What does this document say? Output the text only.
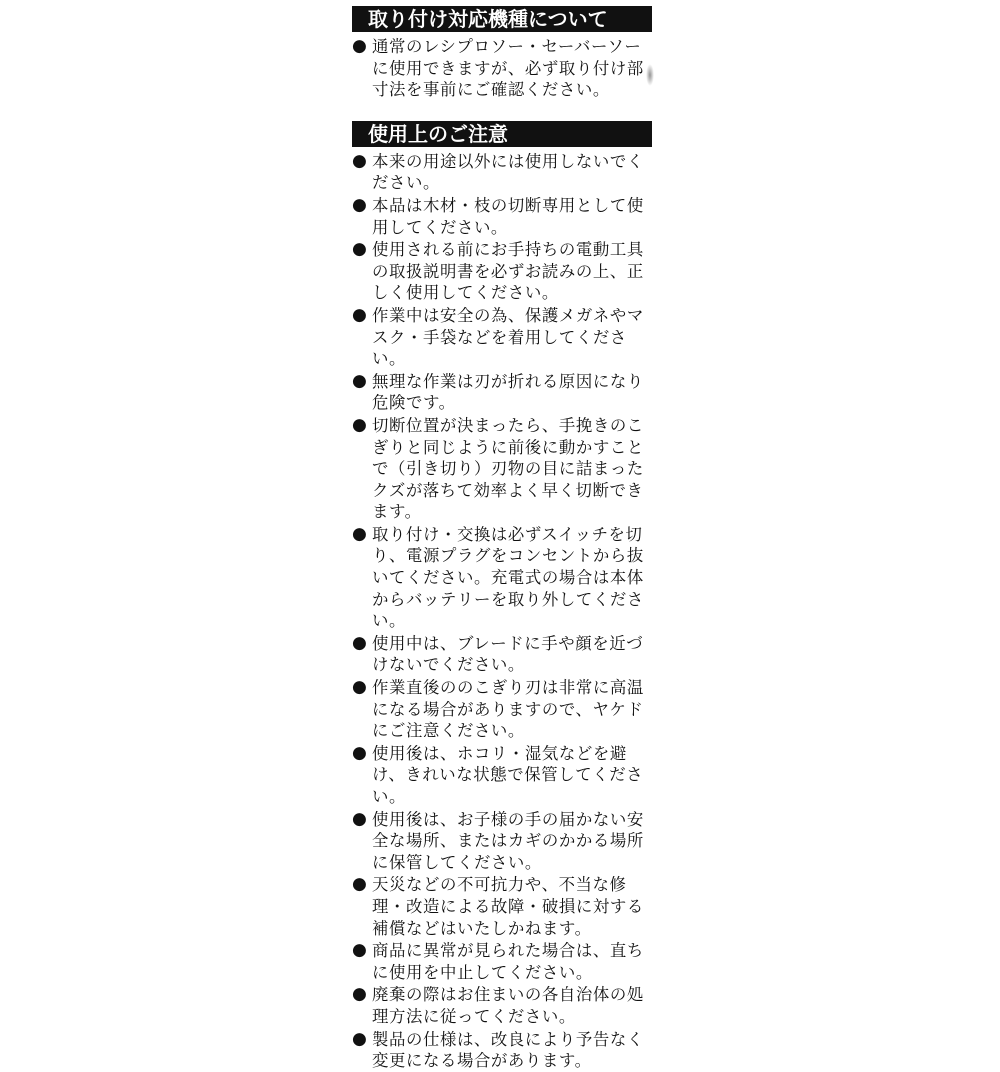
取り付け対応機種について
● 通常のレシプロソー・セーバーソーに使用できますが、必ず取り付け部寸法を事前にご確認ください。
使用上のご注意
● 本来の用途以外には使用しないでください。
● 本品は木材・枝の切断専用として使用してください。
● 使用される前にお手持ちの電動工具の取扱説明書を必ずお読みの上、正しく使用してください。
● 作業中は安全の為、保護メガネやマスク・手袋などを着用してください。
● 無理な作業は刃が折れる原因になり危険です。
● 切断位置が決まったら、手挽きのこぎりと同じように前後に動かすことで（引き切り）刃物の目に詰まったクズが落ちて効率よく早く切断できます。
● 取り付け・交換は必ずスイッチを切り、電源プラグをコンセントから抜いてください。充電式の場合は本体からバッテリーを取り外してください。
● 使用中は、ブレードに手や顔を近づけないでください。
● 作業直後ののこぎり刃は非常に高温になる場合がありますので、ヤケドにご注意ください。
● 使用後は、ホコリ・湿気などを避け、きれいな状態で保管してください。
● 使用後は、お子様の手の届かない安全な場所、またはカギのかかる場所に保管してください。
● 天災などの不可抗力や、不当な修理・改造による故障・破損に対する補償などはいたしかねます。
● 商品に異常が見られた場合は、直ちに使用を中止してください。
● 廃棄の際はお住まいの各自治体の処理方法に従ってください。
● 製品の仕様は、改良により予告なく変更になる場合があります。
